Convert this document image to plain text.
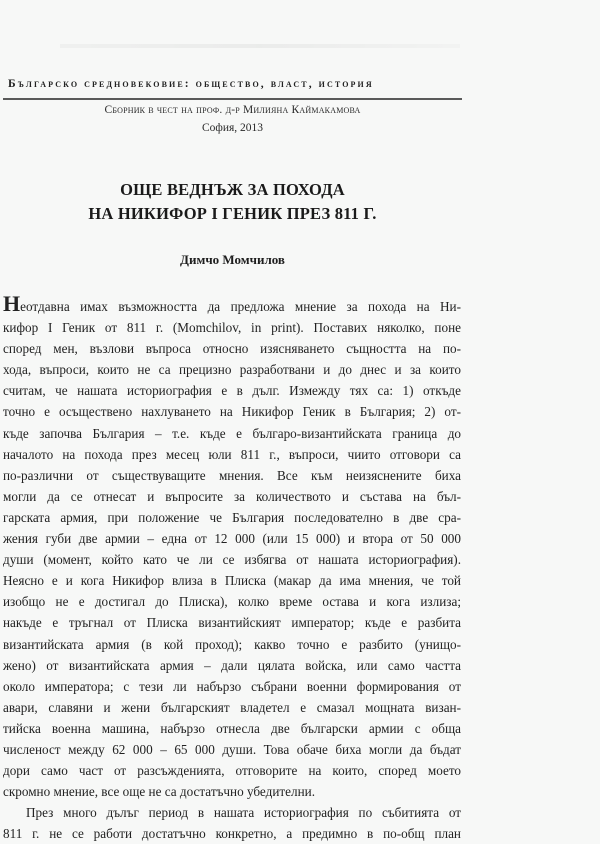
Българско средновековие: общество, власт, история
Сборник в чест на проф. д-р Милияна Каймакамова
София, 2013
ОЩЕ ВЕДНЪЖ ЗА ПОХОДА
НА НИКИФОР I ГЕНИК ПРЕЗ 811 Г.
Димчо Момчилов
Неотдавна имах възможността да предложа мнение за похода на Ни-
кифор I Геник от 811 г. (Momchilov, in print). Поставих няколко, поне
според мен, възлови въпроса относно изясняването същността на по-
хода, въпроси, които не са прецизно разработвани и до днес и за които
считам, че нашата историография е в дълг. Измежду тях са: 1) откъде
точно е осъществено нахлуването на Никифор Геник в България; 2) от-
къде започва България – т.е. къде е българо-византийската граница до
началото на похода през месец юли 811 г., въпроси, чиито отговори са
по-различни от съществуващите мнения. Все към неизяснените биха
могли да се отнесат и въпросите за количеството и състава на бъл-
гарската армия, при положение че България последователно в две сра-
жения губи две армии – една от 12 000 (или 15 000) и втора от 50 000
души (момент, който като че ли се избягва от нашата историография).
Неясно е и кога Никифор влиза в Плиска (макар да има мнения, че той
изобщо не е достигал до Плиска), колко време остава и кога излиза;
накъде е тръгнал от Плиска византийският император; къде е разбита
византийската армия (в кой проход); какво точно е разбито (унищо-
жено) от византийската армия – дали цялата войска, или само частта
около императора; с тези ли набързо събрани военни формирования от
авари, славяни и жени българският владетел е смазал мощната визан-
тийска военна машина, набързо отнесла две български армии с обща
численост между 62 000 – 65 000 души. Това обаче биха могли да бъдат
дори само част от разсъжденията, отговорите на които, според моето
скромно мнение, все още не са достатъчно убедителни.
През много дълъг период в нашата историография по събитията от
811 г. не се работи достатъчно конкретно, а предимно в по-общ план
